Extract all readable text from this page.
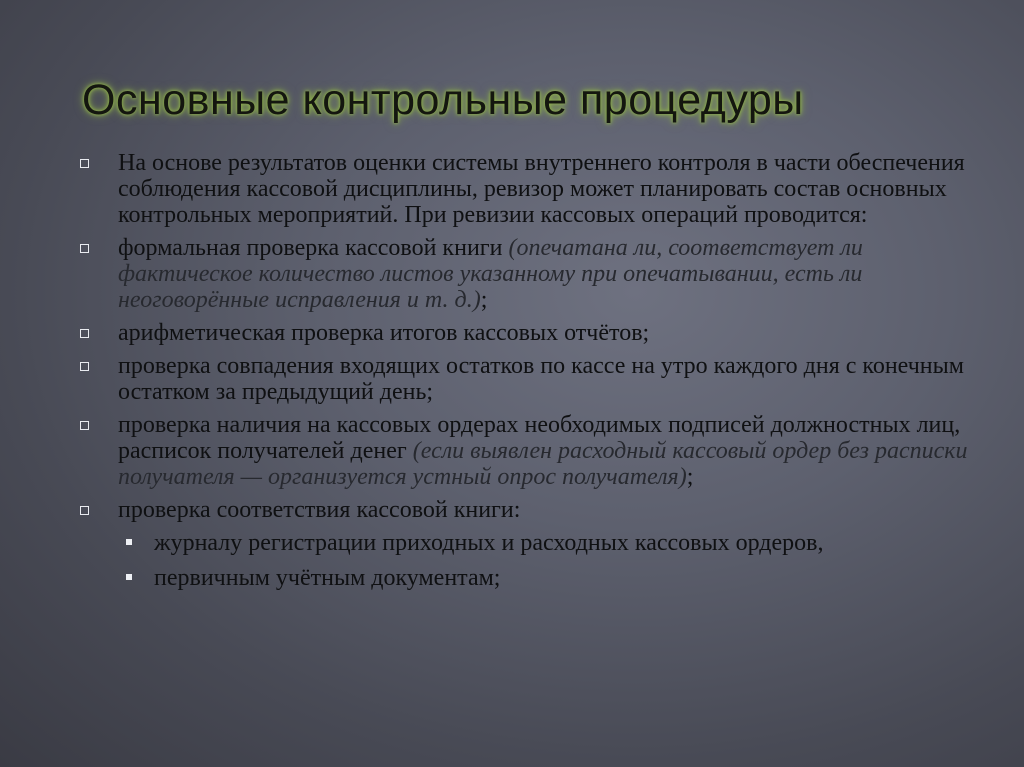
Основные контрольные процедуры
На основе результатов оценки системы внутреннего контроля в части обеспечения соблюдения кассовой дисциплины, ревизор может планировать состав основных контрольных мероприятий. При ревизии кассовых операций проводится:
формальная проверка кассовой книги (опечатана ли, соответствует ли фактическое количество листов указанному при опечатывании, есть ли неоговорённые исправления и т. д.);
арифметическая проверка итогов кассовых отчётов;
проверка совпадения входящих остатков по кассе на утро каждого дня с конечным остатком за предыдущий день;
проверка наличия на кассовых ордерах необходимых подписей должностных лиц, расписок получателей денег (если выявлен расходный кассовый ордер без расписки получателя — организуется устный опрос получателя);
проверка соответствия кассовой книги:
журналу регистрации приходных и расходных кассовых ордеров,
первичным учётным документам;
